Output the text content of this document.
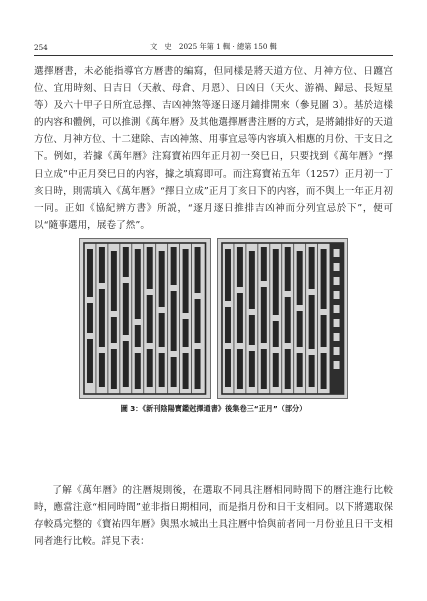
254	文　史　2025 年第 1 輯 · 總第 150 輯

選擇曆書，未必能指導官方曆書的編寫，但同樣是將天道方位、月神方位、日躔宫位、宜用時刻、日吉日（天赦、母倉、月恩）、日凶日（天火、游禍、歸忌、長短星等）及六十甲子日所宜忌擇、吉凶神煞等逐日逐月鋪排開來（參見圖 3）。基於這樣的内容和體例，可以推測《萬年曆》及其他選擇曆書注曆的方式，是將鋪排好的天道方位、月神方位、十二建除、吉凶神煞、用事宜忌等内容填入相應的月份、干支日之下。例如，若據《萬年曆》注寫寶祐四年正月初一癸巳日，只要找到《萬年曆》“擇日立成”中正月癸巳日的内容，據之填寫即可。而注寫寶祐五年（1257）正月初一丁亥日時，則需填入《萬年曆》“擇日立成”正月丁亥日下的内容，而不與上一年正月初一同。正如《協紀辨方書》所説，“逐月逐日推排吉凶神而分列宜忌於下”，便可以“隨事選用，展卷了然”。

圖 3：《新刊陰陽寶鑑尅擇通書》後集卷三“正月”（部分）

了解《萬年曆》的注曆規則後，在選取不同具注曆相同時間下的曆注進行比較時，應當注意“相同時間”並非指日期相同，而是指月份和日干支相同。以下將選取保存較爲完整的《寶祐四年曆》與黑水城出土具注曆中恰與前者同一月份並且日干支相同者進行比較。詳見下表：
